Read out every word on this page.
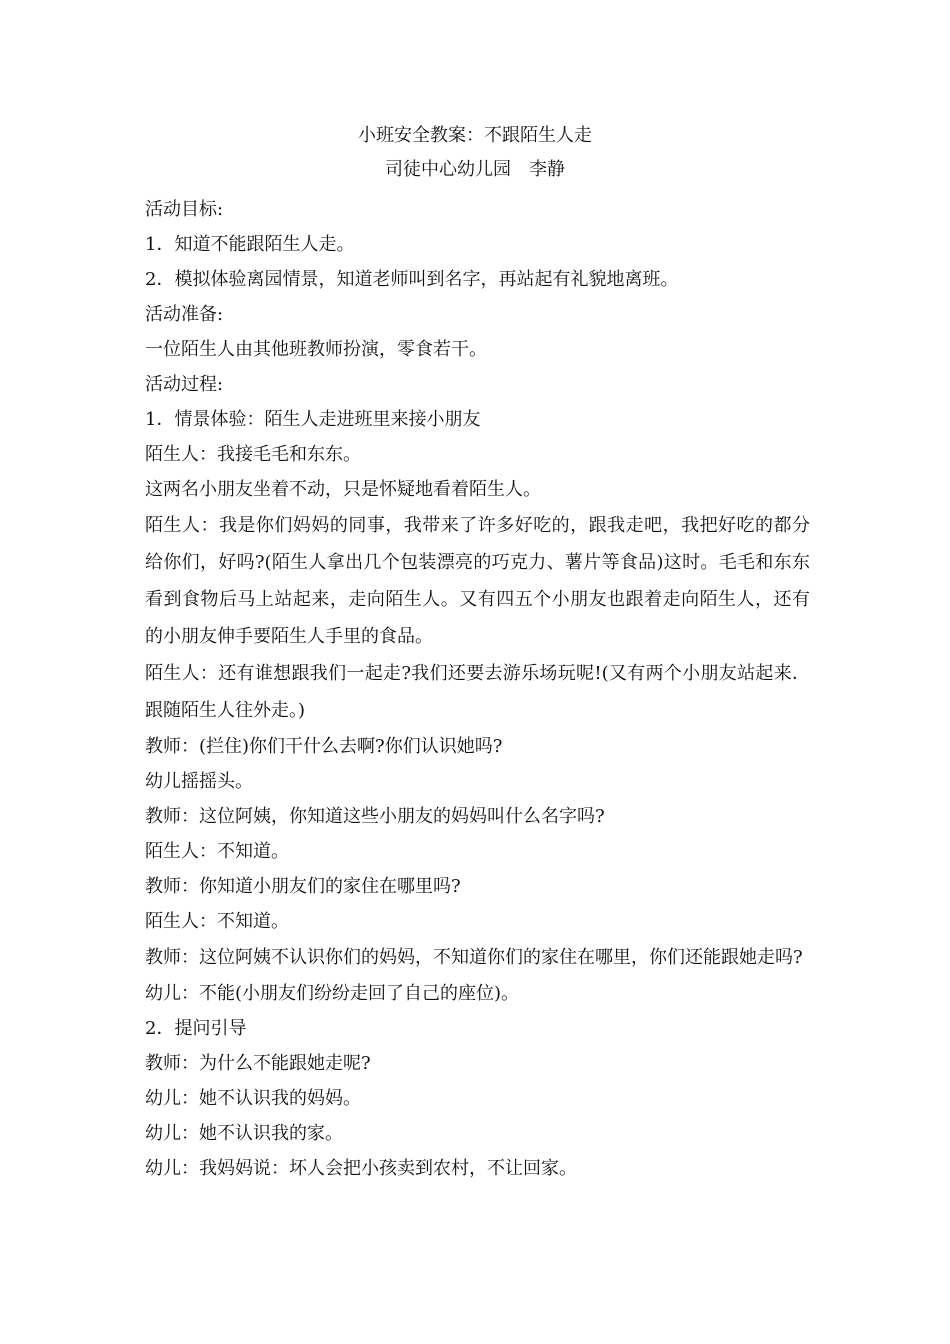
小班安全教案：不跟陌生人走
司徒中心幼儿园　李静

活动目标:

1．知道不能跟陌生人走。

2．模拟体验离园情景，知道老师叫到名字，再站起有礼貌地离班。

活动准备:

一位陌生人由其他班教师扮演，零食若干。

活动过程:

1．情景体验：陌生人走进班里来接小朋友

陌生人：我接毛毛和东东。

这两名小朋友坐着不动，只是怀疑地看着陌生人。

陌生人：我是你们妈妈的同事，我带来了许多好吃的，跟我走吧，我把好吃的都分给你们，好吗?(陌生人拿出几个包装漂亮的巧克力、薯片等食品)这时。毛毛和东东看到食物后马上站起来，走向陌生人。又有四五个小朋友也跟着走向陌生人，还有的小朋友伸手要陌生人手里的食品。

陌生人：还有谁想跟我们一起走?我们还要去游乐场玩呢!(又有两个小朋友站起来．跟随陌生人往外走。)

教师：(拦住)你们干什么去啊?你们认识她吗?

幼儿摇摇头。

教师：这位阿姨，你知道这些小朋友的妈妈叫什么名字吗?

陌生人：不知道。

教师：你知道小朋友们的家住在哪里吗?

陌生人：不知道。

教师：这位阿姨不认识你们的妈妈，不知道你们的家住在哪里，你们还能跟她走吗?

幼儿：不能(小朋友们纷纷走回了自己的座位)。

2．提问引导

教师：为什么不能跟她走呢?

幼儿：她不认识我的妈妈。

幼儿：她不认识我的家。

幼儿：我妈妈说：坏人会把小孩卖到农村，不让回家。
